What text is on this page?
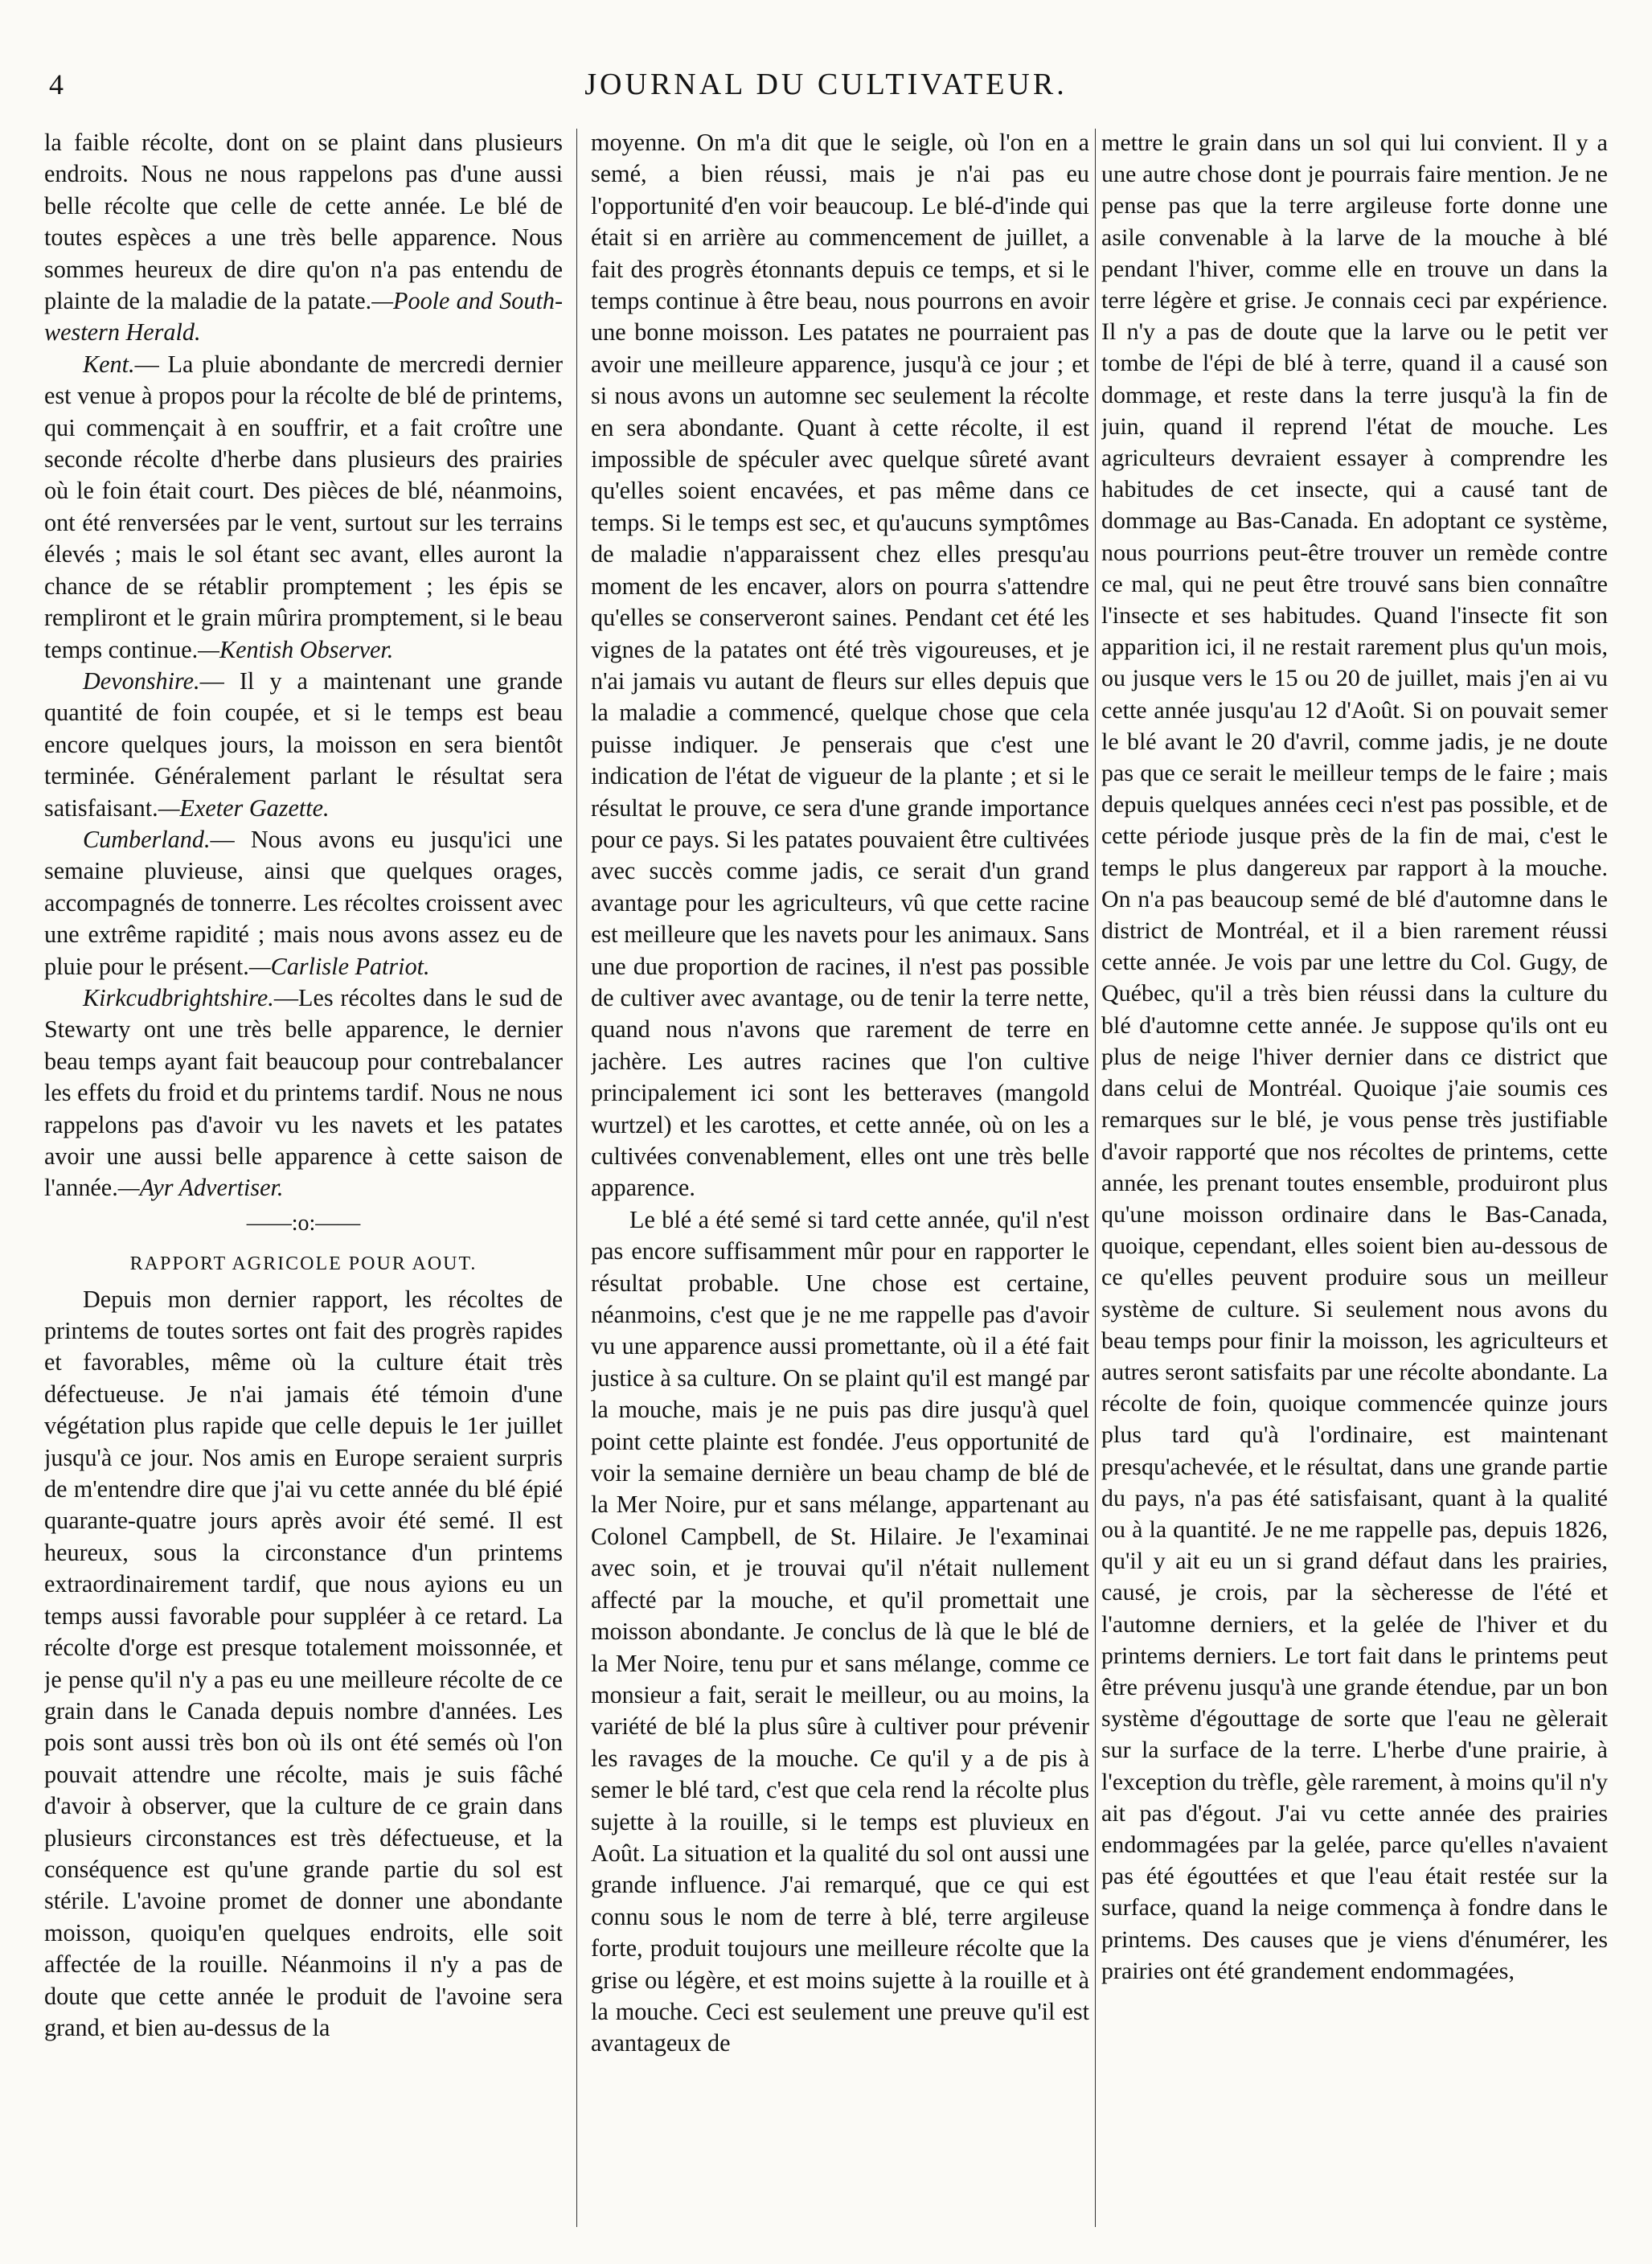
4	JOURNAL DU CULTIVATEUR.

la faible récolte, dont on se plaint dans plusieurs endroits. Nous ne nous rappelons pas d'une aussi belle récolte que celle de cette année. Le blé de toutes espèces a une très belle apparence. Nous sommes heureux de dire qu'on n'a pas entendu de plainte de la maladie de la patate.—Poole and South-western Herald.

Kent.— La pluie abondante de mercredi dernier est venue à propos pour la récolte de blé de printems, qui commençait à en souffrir, et a fait croître une seconde récolte d'herbe dans plusieurs des prairies où le foin était court. Des pièces de blé, néanmoins, ont été renversées par le vent, surtout sur les terrains élevés ; mais le sol étant sec avant, elles auront la chance de se rétablir promptement ; les épis se rempliront et le grain mûrira promptement, si le beau temps continue.—Kentish Observer.

Devonshire.— Il y a maintenant une grande quantité de foin coupée, et si le temps est beau encore quelques jours, la moisson en sera bientôt terminée. Généralement parlant le résultat sera satisfaisant.—Exeter Gazette.

Cumberland.— Nous avons eu jusqu'ici une semaine pluvieuse, ainsi que quelques orages, accompagnés de tonnerre. Les récoltes croissent avec une extrême rapidité ; mais nous avons assez eu de pluie pour le présent.—Carlisle Patriot.

Kirkcudbrightshire.—Les récoltes dans le sud de Stewarty ont une très belle apparence, le dernier beau temps ayant fait beaucoup pour contrebalancer les effets du froid et du printems tardif. Nous ne nous rappelons pas d'avoir vu les navets et les patates avoir une aussi belle apparence à cette saison de l'année.—Ayr Advertiser.

——:o:——
RAPPORT AGRICOLE POUR AOUT.

Depuis mon dernier rapport, les récoltes de printems de toutes sortes ont fait des progrès rapides et favorables, même où la culture était très défectueuse. Je n'ai jamais été témoin d'une végétation plus rapide que celle depuis le 1er juillet jusqu'à ce jour. Nos amis en Europe seraient surpris de m'entendre dire que j'ai vu cette année du blé épié quarante-quatre jours après avoir été semé. Il est heureux, sous la circonstance d'un printems extraordinairement tardif, que nous ayions eu un temps aussi favorable pour suppléer à ce retard. La récolte d'orge est presque totalement moissonnée, et je pense qu'il n'y a pas eu une meilleure récolte de ce grain dans le Canada depuis nombre d'années. Les pois sont aussi très bon où ils ont été semés où l'on pouvait attendre une récolte, mais je suis fâché d'avoir à observer, que la culture de ce grain dans plusieurs circonstances est très défectueuse, et la conséquence est qu'une grande partie du sol est stérile. L'avoine promet de donner une abondante moisson, quoiqu'en quelques endroits, elle soit affectée de la rouille. Néanmoins il n'y a pas de doute que cette année le produit de l'avoine sera grand, et bien au-dessus de la

moyenne. On m'a dit que le seigle, où l'on en a semé, a bien réussi, mais je n'ai pas eu l'opportunité d'en voir beaucoup. Le blé-d'inde qui était si en arrière au commencement de juillet, a fait des progrès étonnants depuis ce temps, et si le temps continue à être beau, nous pourrons en avoir une bonne moisson. Les patates ne pourraient pas avoir une meilleure apparence, jusqu'à ce jour ; et si nous avons un automne sec seulement la récolte en sera abondante. Quant à cette récolte, il est impossible de spéculer avec quelque sûreté avant qu'elles soient encavées, et pas même dans ce temps. Si le temps est sec, et qu'aucuns symptômes de maladie n'apparaissent chez elles presqu'au moment de les encaver, alors on pourra s'attendre qu'elles se conserveront saines. Pendant cet été les vignes de la patates ont été très vigoureuses, et je n'ai jamais vu autant de fleurs sur elles depuis que la maladie a commencé, quelque chose que cela puisse indiquer. Je penserais que c'est une indication de l'état de vigueur de la plante ; et si le résultat le prouve, ce sera d'une grande importance pour ce pays. Si les patates pouvaient être cultivées avec succès comme jadis, ce serait d'un grand avantage pour les agriculteurs, vû que cette racine est meilleure que les navets pour les animaux. Sans une due proportion de racines, il n'est pas possible de cultiver avec avantage, ou de tenir la terre nette, quand nous n'avons que rarement de terre en jachère. Les autres racines que l'on cultive principalement ici sont les betteraves (mangold wurtzel) et les carottes, et cette année, où on les a cultivées convenablement, elles ont une très belle apparence.

Le blé a été semé si tard cette année, qu'il n'est pas encore suffisamment mûr pour en rapporter le résultat probable. Une chose est certaine, néanmoins, c'est que je ne me rappelle pas d'avoir vu une apparence aussi promettante, où il a été fait justice à sa culture. On se plaint qu'il est mangé par la mouche, mais je ne puis pas dire jusqu'à quel point cette plainte est fondée. J'eus opportunité de voir la semaine dernière un beau champ de blé de la Mer Noire, pur et sans mélange, appartenant au Colonel Campbell, de St. Hilaire. Je l'examinai avec soin, et je trouvai qu'il n'était nullement affecté par la mouche, et qu'il promettait une moisson abondante. Je conclus de là que le blé de la Mer Noire, tenu pur et sans mélange, comme ce monsieur a fait, serait le meilleur, ou au moins, la variété de blé la plus sûre à cultiver pour prévenir les ravages de la mouche. Ce qu'il y a de pis à semer le blé tard, c'est que cela rend la récolte plus sujette à la rouille, si le temps est pluvieux en Août. La situation et la qualité du sol ont aussi une grande influence. J'ai remarqué, que ce qui est connu sous le nom de terre à blé, terre argileuse forte, produit toujours une meilleure récolte que la grise ou légère, et est moins sujette à la rouille et à la mouche. Ceci est seulement une preuve qu'il est avantageux de

mettre le grain dans un sol qui lui convient. Il y a une autre chose dont je pourrais faire mention. Je ne pense pas que la terre argileuse forte donne une asile convenable à la larve de la mouche à blé pendant l'hiver, comme elle en trouve un dans la terre légère et grise. Je connais ceci par expérience. Il n'y a pas de doute que la larve ou le petit ver tombe de l'épi de blé à terre, quand il a causé son dommage, et reste dans la terre jusqu'à la fin de juin, quand il reprend l'état de mouche. Les agriculteurs devraient essayer à comprendre les habitudes de cet insecte, qui a causé tant de dommage au Bas-Canada. En adoptant ce système, nous pourrions peut-être trouver un remède contre ce mal, qui ne peut être trouvé sans bien connaître l'insecte et ses habitudes. Quand l'insecte fit son apparition ici, il ne restait rarement plus qu'un mois, ou jusque vers le 15 ou 20 de juillet, mais j'en ai vu cette année jusqu'au 12 d'Août. Si on pouvait semer le blé avant le 20 d'avril, comme jadis, je ne doute pas que ce serait le meilleur temps de le faire ; mais depuis quelques années ceci n'est pas possible, et de cette période jusque près de la fin de mai, c'est le temps le plus dangereux par rapport à la mouche. On n'a pas beaucoup semé de blé d'automne dans le district de Montréal, et il a bien rarement réussi cette année. Je vois par une lettre du Col. Gugy, de Québec, qu'il a très bien réussi dans la culture du blé d'automne cette année. Je suppose qu'ils ont eu plus de neige l'hiver dernier dans ce district que dans celui de Montréal. Quoique j'aie soumis ces remarques sur le blé, je vous pense très justifiable d'avoir rapporté que nos récoltes de printems, cette année, les prenant toutes ensemble, produiront plus qu'une moisson ordinaire dans le Bas-Canada, quoique, cependant, elles soient bien au-dessous de ce qu'elles peuvent produire sous un meilleur système de culture. Si seulement nous avons du beau temps pour finir la moisson, les agriculteurs et autres seront satisfaits par une récolte abondante. La récolte de foin, quoique commencée quinze jours plus tard qu'à l'ordinaire, est maintenant presqu'achevée, et le résultat, dans une grande partie du pays, n'a pas été satisfaisant, quant à la qualité ou à la quantité. Je ne me rappelle pas, depuis 1826, qu'il y ait eu un si grand défaut dans les prairies, causé, je crois, par la sècheresse de l'été et l'automne derniers, et la gelée de l'hiver et du printems derniers. Le tort fait dans le printems peut être prévenu jusqu'à une grande étendue, par un bon système d'égouttage de sorte que l'eau ne gèlerait sur la surface de la terre. L'herbe d'une prairie, à l'exception du trèfle, gèle rarement, à moins qu'il n'y ait pas d'égout. J'ai vu cette année des prairies endommagées par la gelée, parce qu'elles n'avaient pas été égouttées et que l'eau était restée sur la surface, quand la neige commença à fondre dans le printems. Des causes que je viens d'énumérer, les prairies ont été grandement endommagées,
